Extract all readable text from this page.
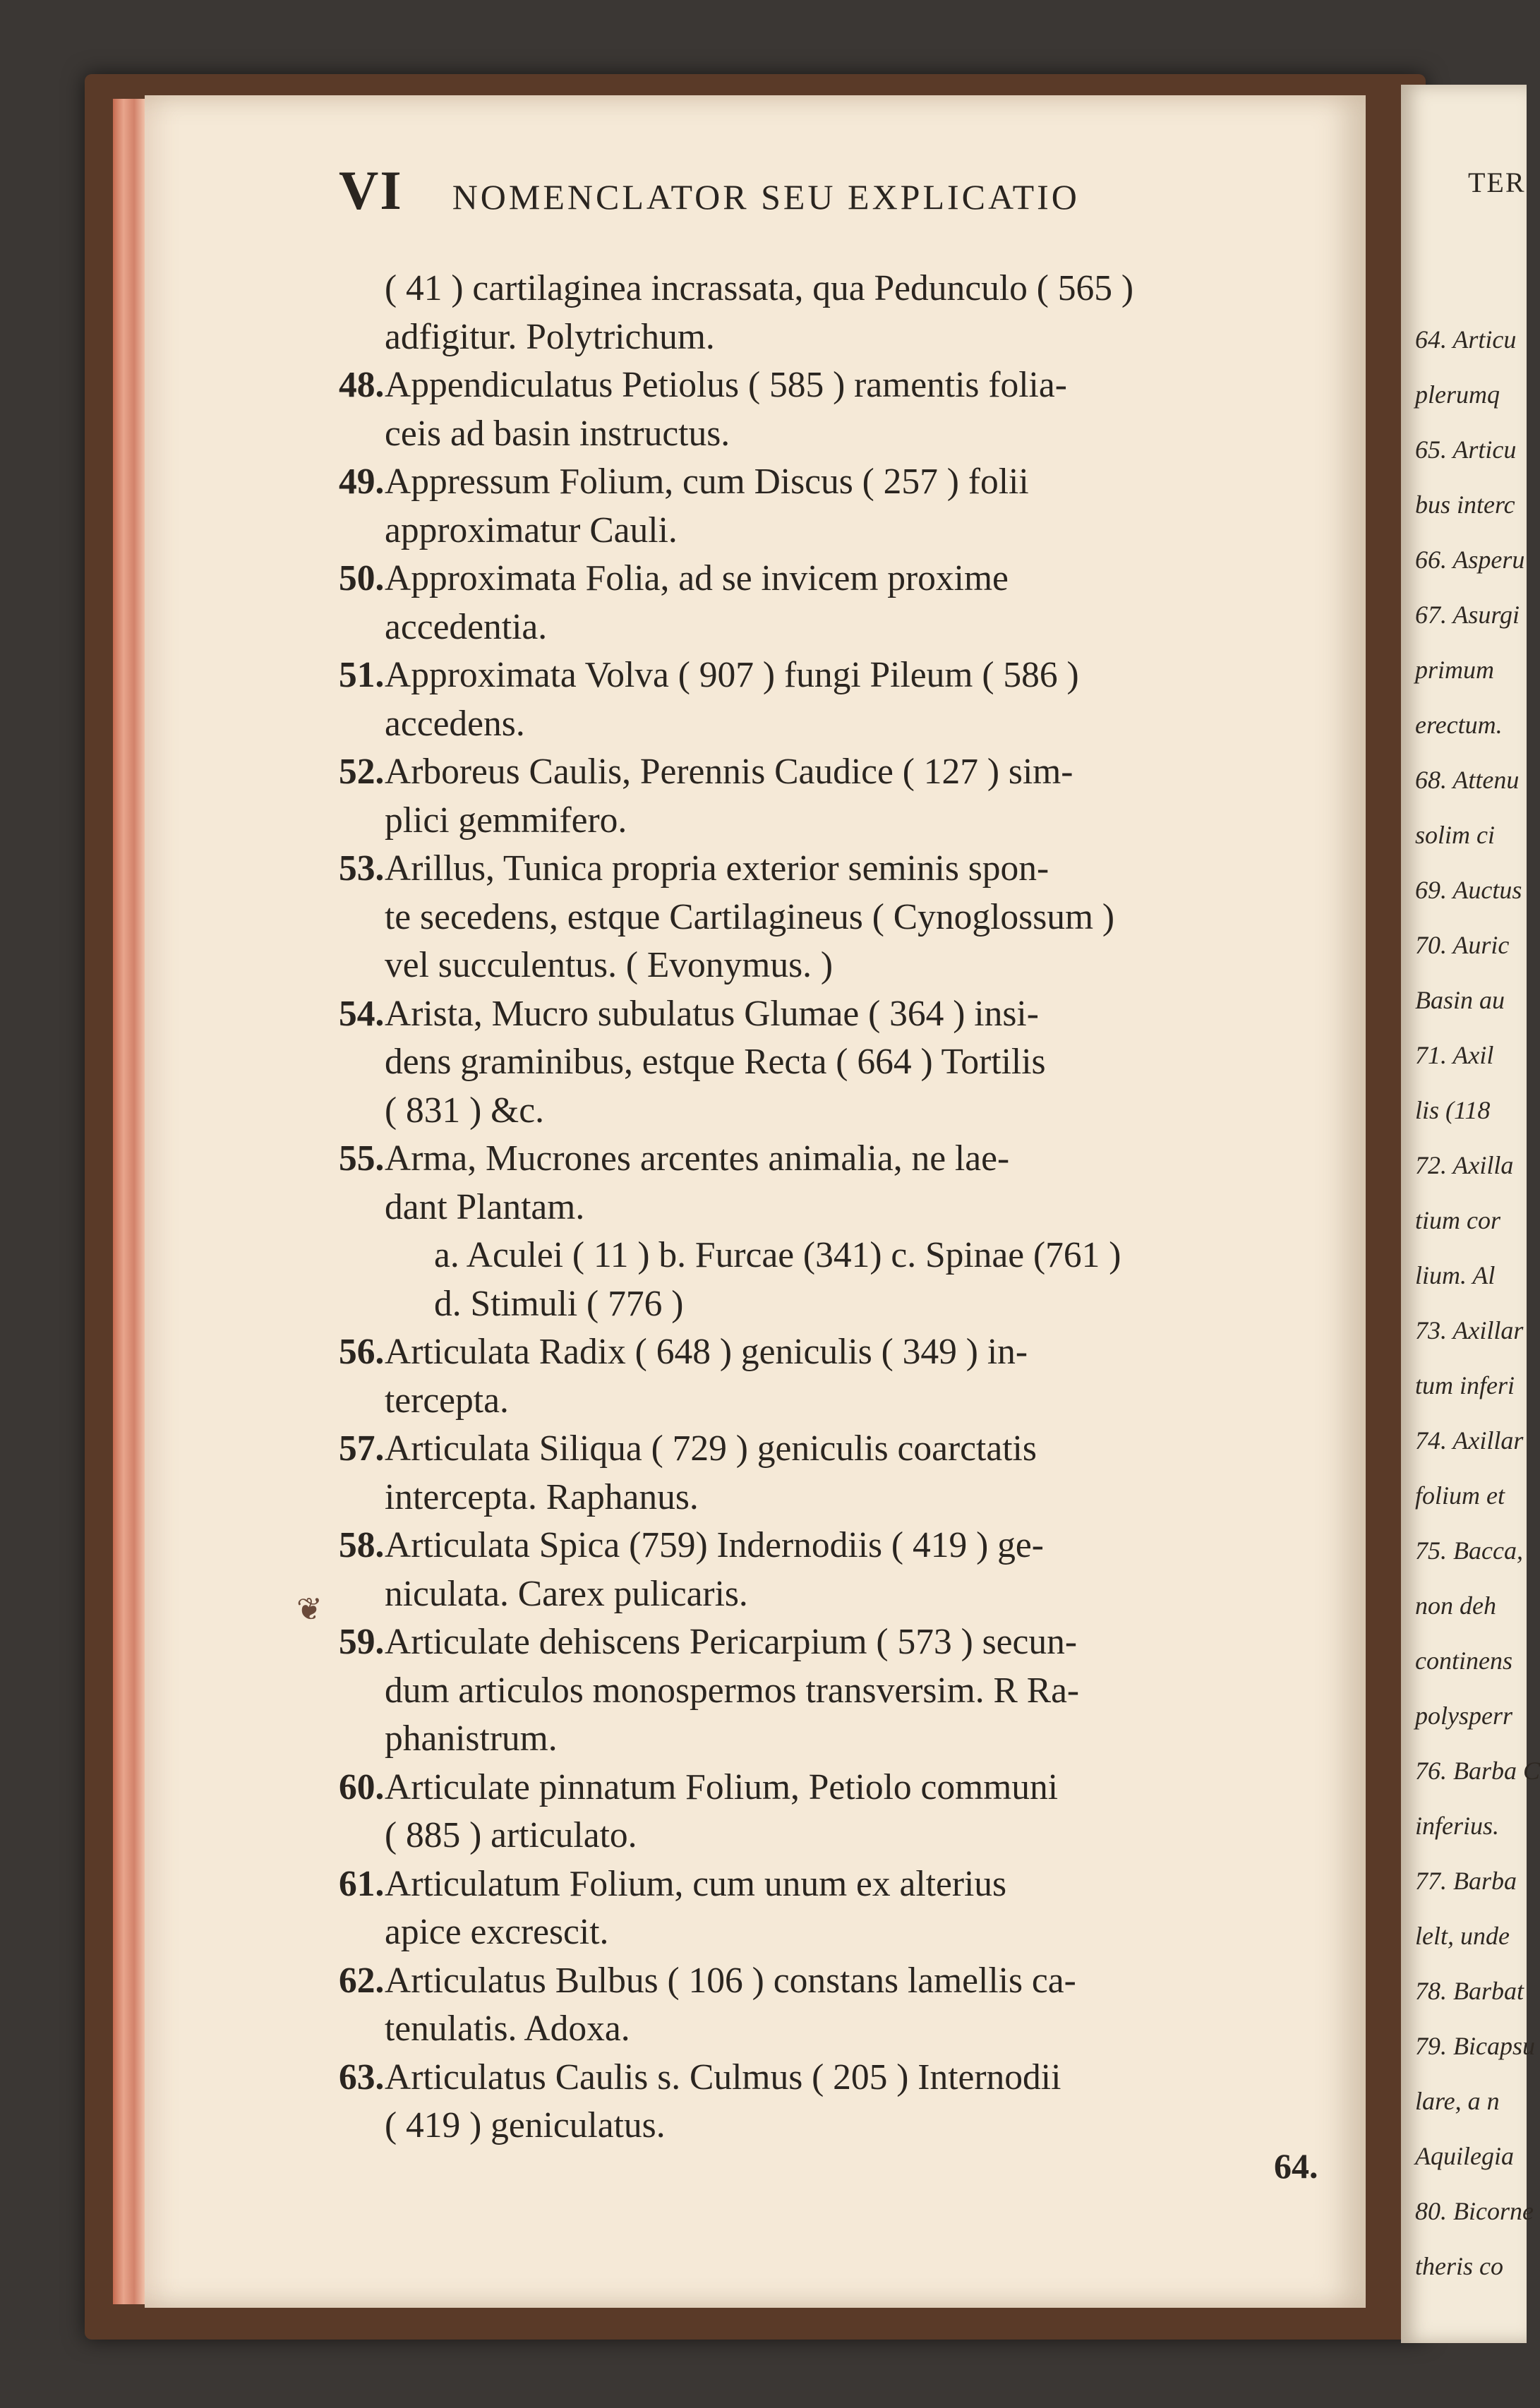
TER
64. Articu
plerumq
65. Articu
bus interc
66. Asperu
67. Asurgi
primum
erectum.
68. Attenu
solim ci
69. Auctus
70. Auric
Basin au
71. Axil
lis (118
72. Axilla
tium cor
lium. Al
73. Axillar
tum inferi
74. Axillar
folium et
75. Bacca,
non deh
continens
polysperr
76. Barba C
inferius.
77. Barba
lelt, unde
78. Barbat
79. Bicapsu
lare, a n
Aquilegia
80. Bicorne
theris co
VI NOMENCLATOR SEU EXPLICATIO
❦
( 41 ) cartilaginea incrassata, qua Pedunculo ( 565 )
adfigitur. Polytrichum.
48. Appendiculatus Petiolus ( 585 ) ramentis folia-
ceis ad basin instructus.
49. Appressum Folium, cum Discus ( 257 ) folii
approximatur Cauli.
50. Approximata Folia, ad se invicem proxime
accedentia.
51. Approximata Volva ( 907 ) fungi Pileum ( 586 )
accedens.
52. Arboreus Caulis, Perennis Caudice ( 127 ) sim-
plici gemmifero.
53. Arillus, Tunica propria exterior seminis spon-
te secedens, estque Cartilagineus ( Cynoglossum )
vel succulentus. ( Evonymus. )
54. Arista, Mucro subulatus Glumae ( 364 ) insi-
dens graminibus, estque Recta ( 664 ) Tortilis
( 831 ) &c.
55. Arma, Mucrones arcentes animalia, ne lae-
dant Plantam.
a. Aculei ( 11 ) b. Furcae (341) c. Spinae (761 )
d. Stimuli ( 776 )
56. Articulata Radix ( 648 ) geniculis ( 349 ) in-
tercepta.
57. Articulata Siliqua ( 729 ) geniculis coarctatis
intercepta. Raphanus.
58. Articulata Spica (759) Indernodiis ( 419 ) ge-
niculata. Carex pulicaris.
59. Articulate dehiscens Pericarpium ( 573 ) secun-
dum articulos monospermos transversim. R Ra-
phanistrum.
60. Articulate pinnatum Folium, Petiolo communi
( 885 ) articulato.
61. Articulatum Folium, cum unum ex alterius
apice excrescit.
62. Articulatus Bulbus ( 106 ) constans lamellis ca-
tenulatis. Adoxa.
63. Articulatus Caulis s. Culmus ( 205 ) Internodii
( 419 ) geniculatus.
64.
